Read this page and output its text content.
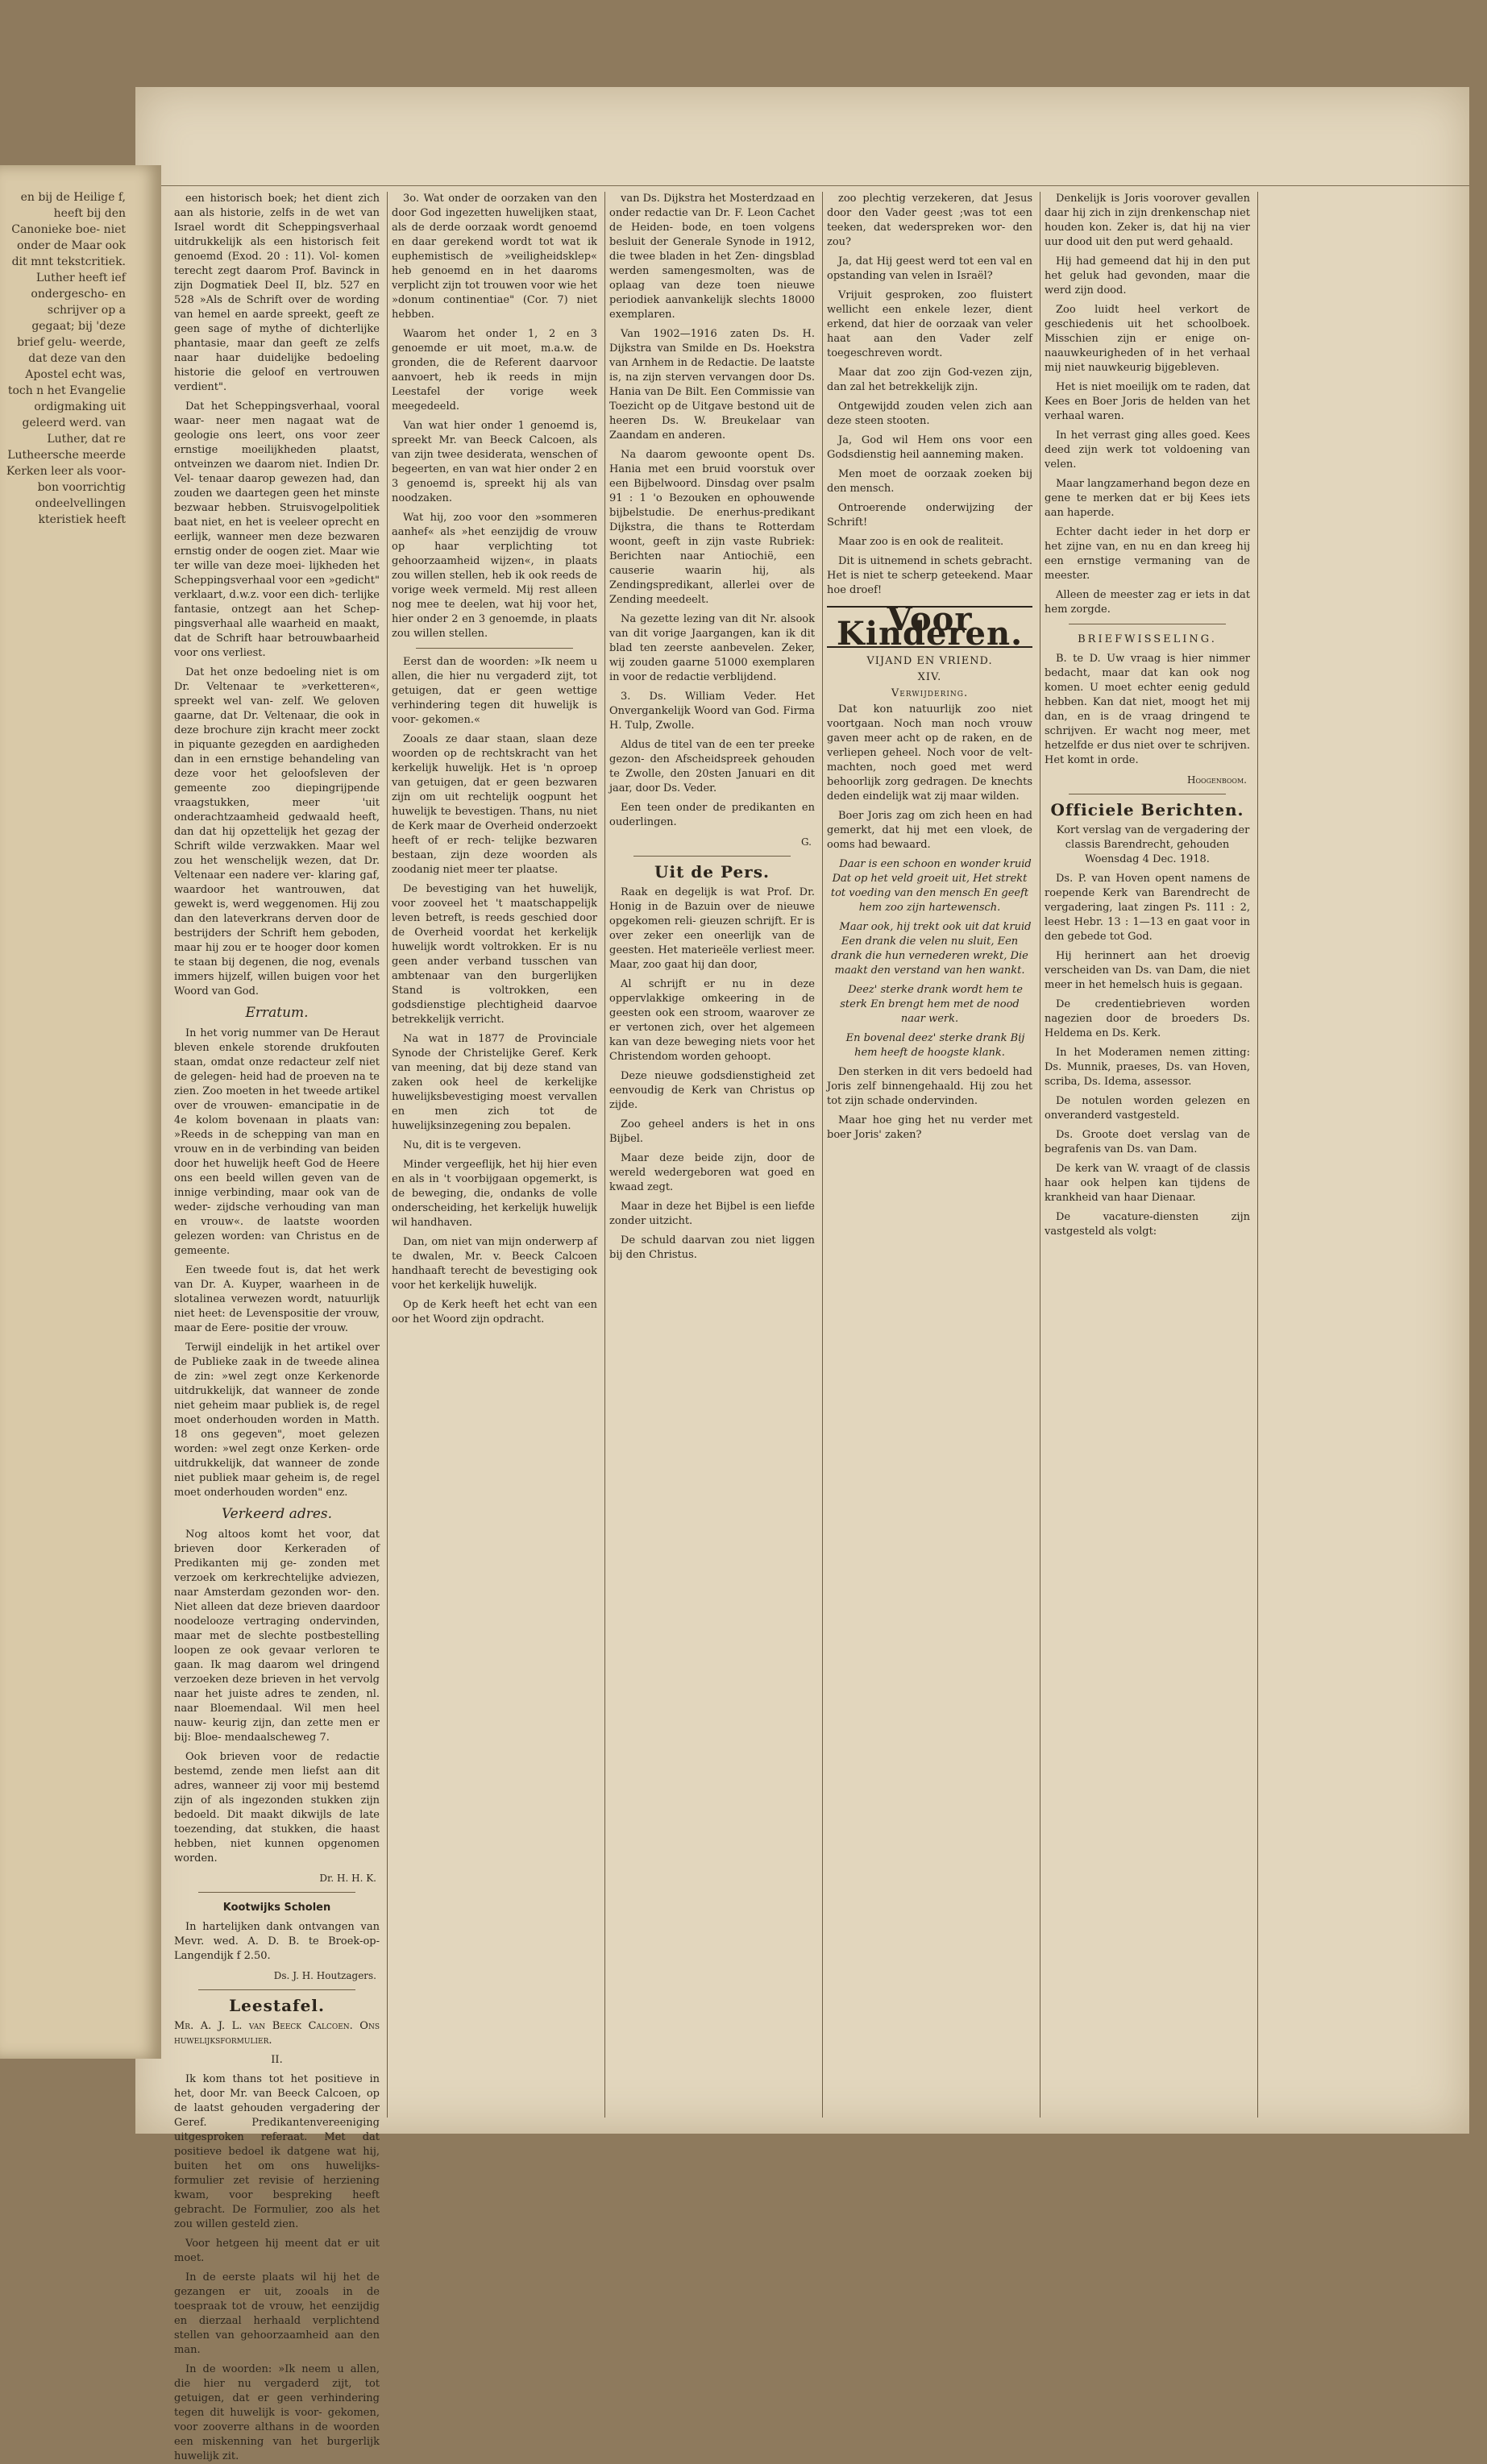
een historisch boek; het dient zich aan als historie, zelfs in de wet van Israel wordt dit Scheppingsverhaal uitdrukkelijk als een historisch feit genoemd (Exod. 20 : 11). Vol- komen terecht zegt daarom Prof. Bavinck in zijn Dogmatiek Deel II, blz. 527 en 528 »Als de Schrift over de wording van hemel en aarde spreekt, geeft ze geen sage of mythe of dichterlijke phantasie, maar dan geeft ze zelfs naar haar duidelijke bedoeling historie die geloof en vertrouwen verdient".

Dat het Scheppingsverhaal, vooral waar- neer men nagaat wat de geologie ons leert, ons voor zeer ernstige moeilijkheden plaatst, ontveinzen we daarom niet. Indien Dr. Vel- tenaar daarop gewezen had, dan zouden we daartegen geen het minste bezwaar hebben. Struisvogelpolitiek baat niet, en het is veeleer oprecht en eerlijk, wanneer men deze bezwaren ernstig onder de oogen ziet. Maar wie ter wille van deze moei- lijkheden het Scheppingsverhaal voor een »gedicht" verklaart, d.w.z. voor een dich- terlijke fantasie, ontzegt aan het Schep- pingsverhaal alle waarheid en maakt, dat de Schrift haar betrouwbaarheid voor ons verliest.

Dat het onze bedoeling niet is om Dr. Veltenaar te »verketteren«, spreekt wel van- zelf. We geloven gaarne, dat Dr. Veltenaar, die ook in deze brochure zijn kracht meer zockt in piquante gezegden en aardigheden dan in een ernstige behandeling van deze voor het geloofsleven der gemeente zoo diepingrijpende vraagstukken, meer 'uit onderachtzaamheid gedwaald heeft, dan dat hij opzettelijk het gezag der Schrift wilde verzwakken. Maar wel zou het wenschelijk wezen, dat Dr. Veltenaar een nadere ver- klaring gaf, waardoor het wantrouwen, dat gewekt is, werd weggenomen. Hij zou dan den lateverkrans derven door de bestrijders der Schrift hem geboden, maar hij zou er te hooger door komen te staan bij degenen, die nog, evenals immers hijzelf, willen buigen voor het Woord van God.

Erratum.

In het vorig nummer van De Heraut bleven enkele storende drukfouten staan, omdat onze redacteur zelf niet de gelegen- heid had de proeven na te zien. Zoo moeten in het tweede artikel over de vrouwen- emancipatie in de 4e kolom bovenaan in plaats van: »Reeds in de schepping van man en vrouw en in de verbinding van beiden door het huwelijk heeft God de Heere ons een beeld willen geven van de innige verbinding, maar ook van de weder- zijdsche verhouding van man en vrouw«. de laatste woorden gelezen worden: van Christus en de gemeente.

Een tweede fout is, dat het werk van Dr. A. Kuyper, waarheen in de slotalinea verwezen wordt, natuurlijk niet heet: de Levenspositie der vrouw, maar de Eere- positie der vrouw.

Terwijl eindelijk in het artikel over de Publieke zaak in de tweede alinea de zin: »wel zegt onze Kerkenorde uitdrukkelijk, dat wanneer de zonde niet geheim maar publiek is, de regel moet onderhouden worden in Matth. 18 ons gegeven", moet gelezen worden: »wel zegt onze Kerken- orde uitdrukkelijk, dat wanneer de zonde niet publiek maar geheim is, de regel moet onderhouden worden" enz.

Verkeerd adres.

Nog altoos komt het voor, dat brieven door Kerkeraden of Predikanten mij ge- zonden met verzoek om kerkrechtelijke adviezen, naar Amsterdam gezonden wor- den. Niet alleen dat deze brieven daardoor noodelooze vertraging ondervinden, maar met de slechte postbestelling loopen ze ook gevaar verloren te gaan. Ik mag daarom wel dringend verzoeken deze brieven in het vervolg naar het juiste adres te zenden, nl. naar Bloemendaal. Wil men heel nauw- keurig zijn, dan zette men er bij: Bloe- mendaalscheweg 7.

Ook brieven voor de redactie bestemd, zende men liefst aan dit adres, wanneer zij voor mij bestemd zijn of als ingezonden stukken zijn bedoeld. Dit maakt dikwijls de late toezending, dat stukken, die haast hebben, niet kunnen opgenomen worden.

Dr. H. H. K.
Kootwijks Scholen

In hartelijken dank ontvangen van Mevr. wed. A. D. B. te Broek-op-Langendijk f 2.50.

Ds. J. H. Houtzagers.
Leestafel.

Mr. A. J. L. van Beeck Calcoen. Ons huwelijksformulier.

II.

Ik kom thans tot het positieve in het, door Mr. van Beeck Calcoen, op de laatst gehouden vergadering der Geref. Predikantenvereeniging uitgesproken referaat. Met dat positieve bedoel ik datgene wat hij, buiten het om ons huwelijks- formulier zet revisie of herziening kwam, voor bespreking heeft gebracht. De Formulier, zoo als het zou willen gesteld zien.

Voor hetgeen hij meent dat er uit moet.

In de eerste plaats wil hij het de gezangen er uit, zooals in de toespraak tot de vrouw, het eenzijdig en dierzaal herhaald verplichtend stellen van gehoorzaamheid aan den man.

In de woorden: »Ik neem u allen, die hier nu vergaderd zijt, tot getuigen, dat er geen verhindering tegen dit huwelijk is voor- gekomen, voor zooverre althans in de woorden een miskenning van het burgerlijk huwelijk zit.

3o. Wat onder de oorzaken van den door God ingezetten huwelijken staat, als de derde oorzaak wordt genoemd en daar gerekend wordt tot wat ik euphemistisch de »veiligheidsklep« heb genoemd en in het daaroms verplicht zijn tot trouwen voor wie het »donum continentiae" (Cor. 7) niet hebben.

Waarom het onder 1, 2 en 3 genoemde er uit moet, m.a.w. de gronden, die de Referent daarvoor aanvoert, heb ik reeds in mijn Leestafel der vorige week meegedeeld.

Van wat hier onder 1 genoemd is, spreekt Mr. van Beeck Calcoen, als van zijn twee desiderata, wenschen of begeerten, en van wat hier onder 2 en 3 genoemd is, spreekt hij als van noodzaken.

Wat hij, zoo voor den »sommeren aanhef« als »het eenzijdig de vrouw op haar verplichting tot gehoorzaamheid wijzen«, in plaats zou willen stellen, heb ik ook reeds de vorige week vermeld. Mij rest alleen nog mee te deelen, wat hij voor het, hier onder 2 en 3 genoemde, in plaats zou willen stellen.

Eerst dan de woorden: »Ik neem u allen, die hier nu vergaderd zijt, tot getuigen, dat er geen wettige verhindering tegen dit huwelijk is voor- gekomen.«

Zooals ze daar staan, slaan deze woorden op de rechtskracht van het kerkelijk huwelijk. Het is 'n oproep van getuigen, dat er geen bezwaren zijn om uit rechtelijk oogpunt het huwelijk te bevestigen. Thans, nu niet de Kerk maar de Overheid onderzoekt heeft of er rech- telijke bezwaren bestaan, zijn deze woorden als zoodanig niet meer ter plaatse.

De bevestiging van het huwelijk, voor zooveel het 't maatschappelijk leven betreft, is reeds geschied door de Overheid voordat het kerkelijk huwelijk wordt voltrokken. Er is nu geen ander verband tusschen van ambtenaar van den burgerlijken Stand is voltrokken, een godsdienstige plechtigheid daarvoe betrekkelijk verricht.

Na wat in 1877 de Provinciale Synode der Christelijke Geref. Kerk van meening, dat bij deze stand van zaken ook heel de kerkelijke huwelijksbevestiging moest vervallen en men zich tot de huwelijksinzegening zou bepalen.

Nu, dit is te vergeven.

Minder vergeeflijk, het hij hier even en als in 't voorbijgaan opgemerkt, is de beweging, die, ondanks de volle onderscheiding, het kerkelijk huwelijk wil handhaven.

Dan, om niet van mijn onderwerp af te dwalen, Mr. v. Beeck Calcoen handhaaft terecht de bevestiging ook voor het kerkelijk huwelijk.

Op de Kerk heeft het echt van een oor het Woord zijn opdracht.

van Ds. Dijkstra het Mosterdzaad en onder redactie van Dr. F. Leon Cachet de Heiden- bode, en toen volgens besluit der Generale Synode in 1912, die twee bladen in het Zen- dingsblad werden samengesmolten, was de oplaag van deze toen nieuwe periodiek aanvankelijk slechts 18000 exemplaren.

Van 1902—1916 zaten Ds. H. Dijkstra van Smilde en Ds. Hoekstra van Arnhem in de Redactie. De laatste is, na zijn sterven vervangen door Ds. Hania van De Bilt. Een Commissie van Toezicht op de Uitgave bestond uit de heeren Ds. W. Breukelaar van Zaandam en anderen.

Na daarom gewoonte opent Ds. Hania met een bruid voorstuk over een Bijbelwoord. Dinsdag over psalm 91 : 1 'o Bezouken en ophouwende bijbelstudie. De enerhus-predikant Dijkstra, die thans te Rotterdam woont, geeft in zijn vaste Rubriek: Berichten naar Antiochië, een causerie waarin hij, als Zendingspredikant, allerlei over de Zending meedeelt.

Na gezette lezing van dit Nr. alsook van dit vorige Jaargangen, kan ik dit blad ten zeerste aanbevelen. Zeker, wij zouden gaarne 51000 exemplaren in voor de redactie verblijdend.

3. Ds. William Veder. Het Onvergankelijk Woord van God. Firma H. Tulp, Zwolle.

Aldus de titel van de een ter preeke gezon- den Afscheidspreek gehouden te Zwolle, den 20sten Januari en dit jaar, door Ds. Veder.

Een teen onder de predikanten en ouderlingen.

G.
Uit de Pers.

Raak en degelijk is wat Prof. Dr. Honig in de Bazuin over de nieuwe opgekomen reli- gieuzen schrijft. Er is over zeker een oneerlijk van de geesten. Het materieële verliest meer. Maar, zoo gaat hij dan door,

Al schrijft er nu in deze oppervlakkige omkeering in de geesten ook een stroom, waarover ze er vertonen zich, over het algemeen kan van deze beweging niets voor het Christendom worden gehoopt.

Deze nieuwe godsdienstigheid zet eenvoudig de Kerk van Christus op zijde.

Zoo geheel anders is het in ons Bijbel.

Maar deze beide zijn, door de wereld wedergeboren wat goed en kwaad zegt.

Maar in deze het Bijbel is een liefde zonder uitzicht.

De schuld daarvan zou niet liggen bij den Christus.

zoo plechtig verzekeren, dat Jesus door den Vader geest ;was tot een teeken, dat wederspreken wor- den zou?

Ja, dat Hij geest werd tot een val en opstanding van velen in Israël?

Vrijuit gesproken, zoo fluistert wellicht een enkele lezer, dient erkend, dat hier de oorzaak van veler haat aan den Vader zelf toegeschreven wordt.

Maar dat zoo zijn God-vezen zijn, dan zal het betrekkelijk zijn.

Ontgewijdd zouden velen zich aan deze steen stooten.

Ja, God wil Hem ons voor een Godsdienstig heil aanneming maken.

Men moet de oorzaak zoeken bij den mensch.

Ontroerende onderwijzing der Schrift!

Maar zoo is en ook de realiteit.

Dit is uitnemend in schets gebracht. Het is niet te scherp geteekend. Maar hoe droef!

Voor Kinderen.
VIJAND EN VRIEND.
XIV.
Verwijdering.

Dat kon natuurlijk zoo niet voortgaan. Noch man noch vrouw gaven meer acht op de raken, en de verliepen geheel. Noch voor de velt- machten, noch goed met werd behoorlijk zorg gedragen. De knechts deden eindelijk wat zij maar wilden.

Boer Joris zag om zich heen en had gemerkt, dat hij met een vloek, de ooms had bewaard.

Daar is een schoon en wonder kruid Dat op het veld groeit uit, Het strekt tot voeding van den mensch En geeft hem zoo zijn hartewensch.

Maar ook, hij trekt ook uit dat kruid Een drank die velen nu sluit, Een drank die hun vernederen wrekt, Die maakt den verstand van hen wankt.

Deez' sterke drank wordt hem te sterk En brengt hem met de nood naar werk.

En bovenal deez' sterke drank Bij hem heeft de hoogste klank.

Den sterken in dit vers bedoeld had Joris zelf binnengehaald. Hij zou het tot zijn schade ondervinden.

Maar hoe ging het nu verder met boer Joris' zaken?

Denkelijk is Joris voorover gevallen daar hij zich in zijn drenkenschap niet houden kon. Zeker is, dat hij na vier uur dood uit den put werd gehaald.

Hij had gemeend dat hij in den put het geluk had gevonden, maar die werd zijn dood.

Zoo luidt heel verkort de geschiedenis uit het schoolboek. Misschien zijn er enige on- naauwkeurigheden of in het verhaal mij niet nauwkeurig bijgebleven.

Het is niet moeilijk om te raden, dat Kees en Boer Joris de helden van het verhaal waren.

In het verrast ging alles goed. Kees deed zijn werk tot voldoening van velen.

Maar langzamerhand begon deze en gene te merken dat er bij Kees iets aan haperde.

Echter dacht ieder in het dorp er het zijne van, en nu en dan kreeg hij een ernstige vermaning van de meester.

Alleen de meester zag er iets in dat hem zorgde.

BRIEFWISSELING.

B. te D. Uw vraag is hier nimmer bedacht, maar dat kan ook nog komen. U moet echter eenig geduld hebben. Kan dat niet, moogt het mij dan, en is de vraag dringend te schrijven. Er wacht nog meer, met hetzelfde er dus niet over te schrijven. Het komt in orde.

Hoogenboom.
Officiele Berichten.

Kort verslag van de vergadering der classis Barendrecht, gehouden Woensdag 4 Dec. 1918.

Ds. P. van Hoven opent namens de roepende Kerk van Barendrecht de vergadering, laat zingen Ps. 111 : 2, leest Hebr. 13 : 1—13 en gaat voor in den gebede tot God.

Hij herinnert aan het droevig verscheiden van Ds. van Dam, die niet meer in het hemelsch huis is gegaan.

De credentiebrieven worden nagezien door de broeders Ds. Heldema en Ds. Kerk.

In het Moderamen nemen zitting: Ds. Munnik, praeses, Ds. van Hoven, scriba, Ds. Idema, assessor.

De notulen worden gelezen en onveranderd vastgesteld.

Ds. Groote doet verslag van de begrafenis van Ds. van Dam.

De kerk van W. vraagt of de classis haar ook helpen kan tijdens de krankheid van haar Dienaar.

De vacature-diensten zijn vastgesteld als volgt:

en bij de Heilige f, heeft bij den Canonieke boe- niet onder de Maar ook dit mnt tekstcritiek. Luther heeft ief ondergescho- en schrijver op a gegaat; bij 'deze brief gelu- weerde, dat deze van den Apostel echt was, toch n het Evangelie ordigmaking uit geleerd werd. van Luther, dat re Lutheersche meerde Kerken leer als voor- bon voorrichtig ondeelvellingen kteristiek heeft
